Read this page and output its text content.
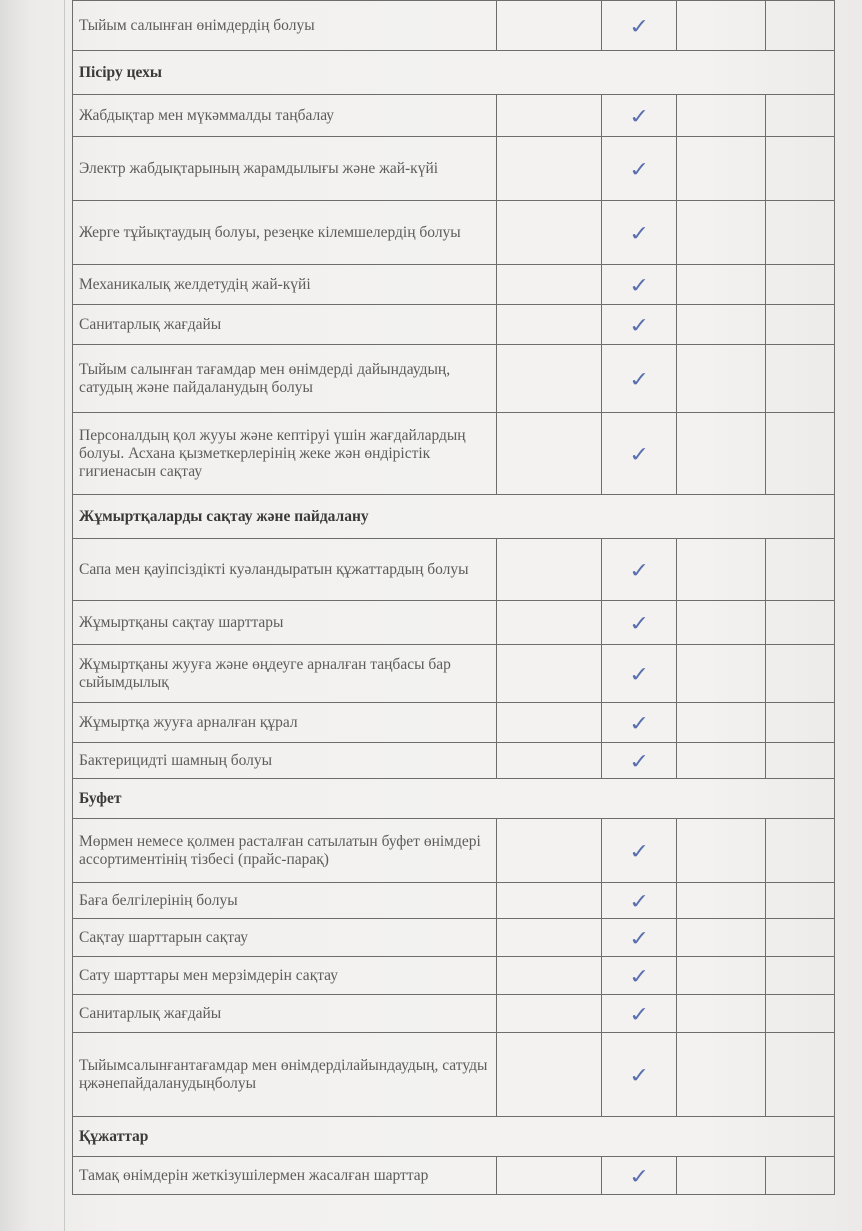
Тыйым салынған өнімдердің болуы		✓		
Пісіру цехы				
Жабдықтар мен мүкәммалды таңбалау		✓		
Электр жабдықтарының жарамдылығы және жай-күйі		✓		
Жерге тұйықтаудың болуы, резеңке кілемшелердің болуы		✓		
Механикалық желдетудің жай-күйі		✓		
Санитарлық жағдайы		✓		
Тыйым салынған тағамдар мен өнімдерді дайындаудың, сатудың және пайдаланудың болуы		✓		
Персоналдың қол жууы және кептіруі үшін жағдайлардың болуы. Асхана қызметкерлерінің жеке жән өндірістік гигиенасын сақтау		✓		
Жұмыртқаларды сақтау және пайдалану				
Сапа мен қауіпсіздікті куәландыратын құжаттардың болуы		✓		
Жұмыртқаны сақтау шарттары		✓		
Жұмыртқаны жууға және өңдеуге арналған таңбасы бар сыйымдылық		✓		
Жұмыртқа жууға арналған құрал		✓		
Бактерицидті шамның болуы		✓		
Буфет				
Мөрмен немесе қолмен расталған сатылатын буфет өнімдері ассортиментінің тізбесі (прайс-парақ)		✓		
Баға белгілерінің болуы		✓		
Сақтау шарттарын сақтау		✓		
Сату шарттары мен мерзімдерін сақтау		✓		
Санитарлық жағдайы		✓		
Тыйымсалынғантағамдар мен өнімдерділайындаудың, сатудыңжәнепайдаланудыңболуы		✓		
Құжаттар				
Тамақ өнімдерін жеткізушілермен жасалған шарттар		✓		
